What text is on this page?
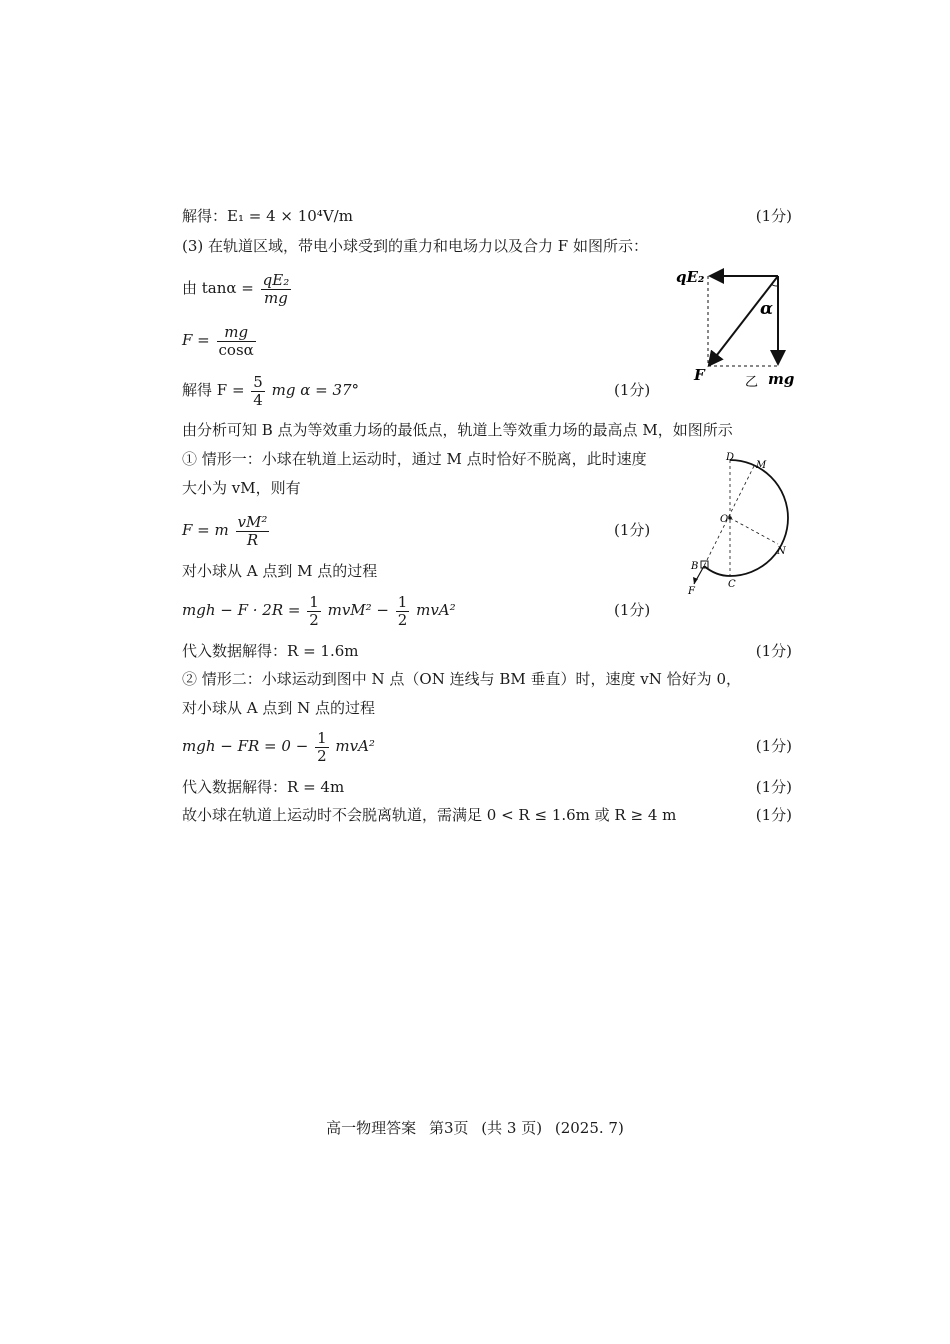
解得：E₁ = 4 × 10⁴V/m	(1分)
(3) 在轨道区域，带电小球受到的重力和电场力以及合力 F 如图所示：
由 $\tan\alpha = \frac{\text{qE₂}}{mg}$
$F = \frac{mg}{\cos\alpha}$
解得 $F = \frac{5}{4}$ mg α = 37°	(1分)
qE₂
α
F	mg
乙
由分析可知 B 点为等效重力场的最低点，轨道上等效重力场的最高点 M，如图所示
① 情形一：小球在轨道上运动时，通过 M 点时恰好不脱离，此时速度
大小为 vM，则有
F = m $\frac{\text{vM²}}{R}$	(1分)
对小球从 A 点到 M 点的过程
mgh − $F \cdot 2R = \frac{1}{2} mvM^2 - \frac{1}{2} mvA^2$	(1分)
D
M
O
N
B
C
F
代入数据解得：R = 1.6m	(1分)
② 情形二：小球运动到图中 N 点（ON 连线与 BM 垂直）时，速度 vN 恰好为 0，
对小球从 A 点到 N 点的过程
mgh − FR = $0 - \frac{1}{2} mvA^2$	(1分)
代入数据解得：R = 4m	(1分)
故小球在轨道上运动时不会脱离轨道，需满足 0 < R ≤ 1.6m 或 R ≥ 4 m	(1分)
高一物理答案 第3页 (共 3 页) (2025. 7)
